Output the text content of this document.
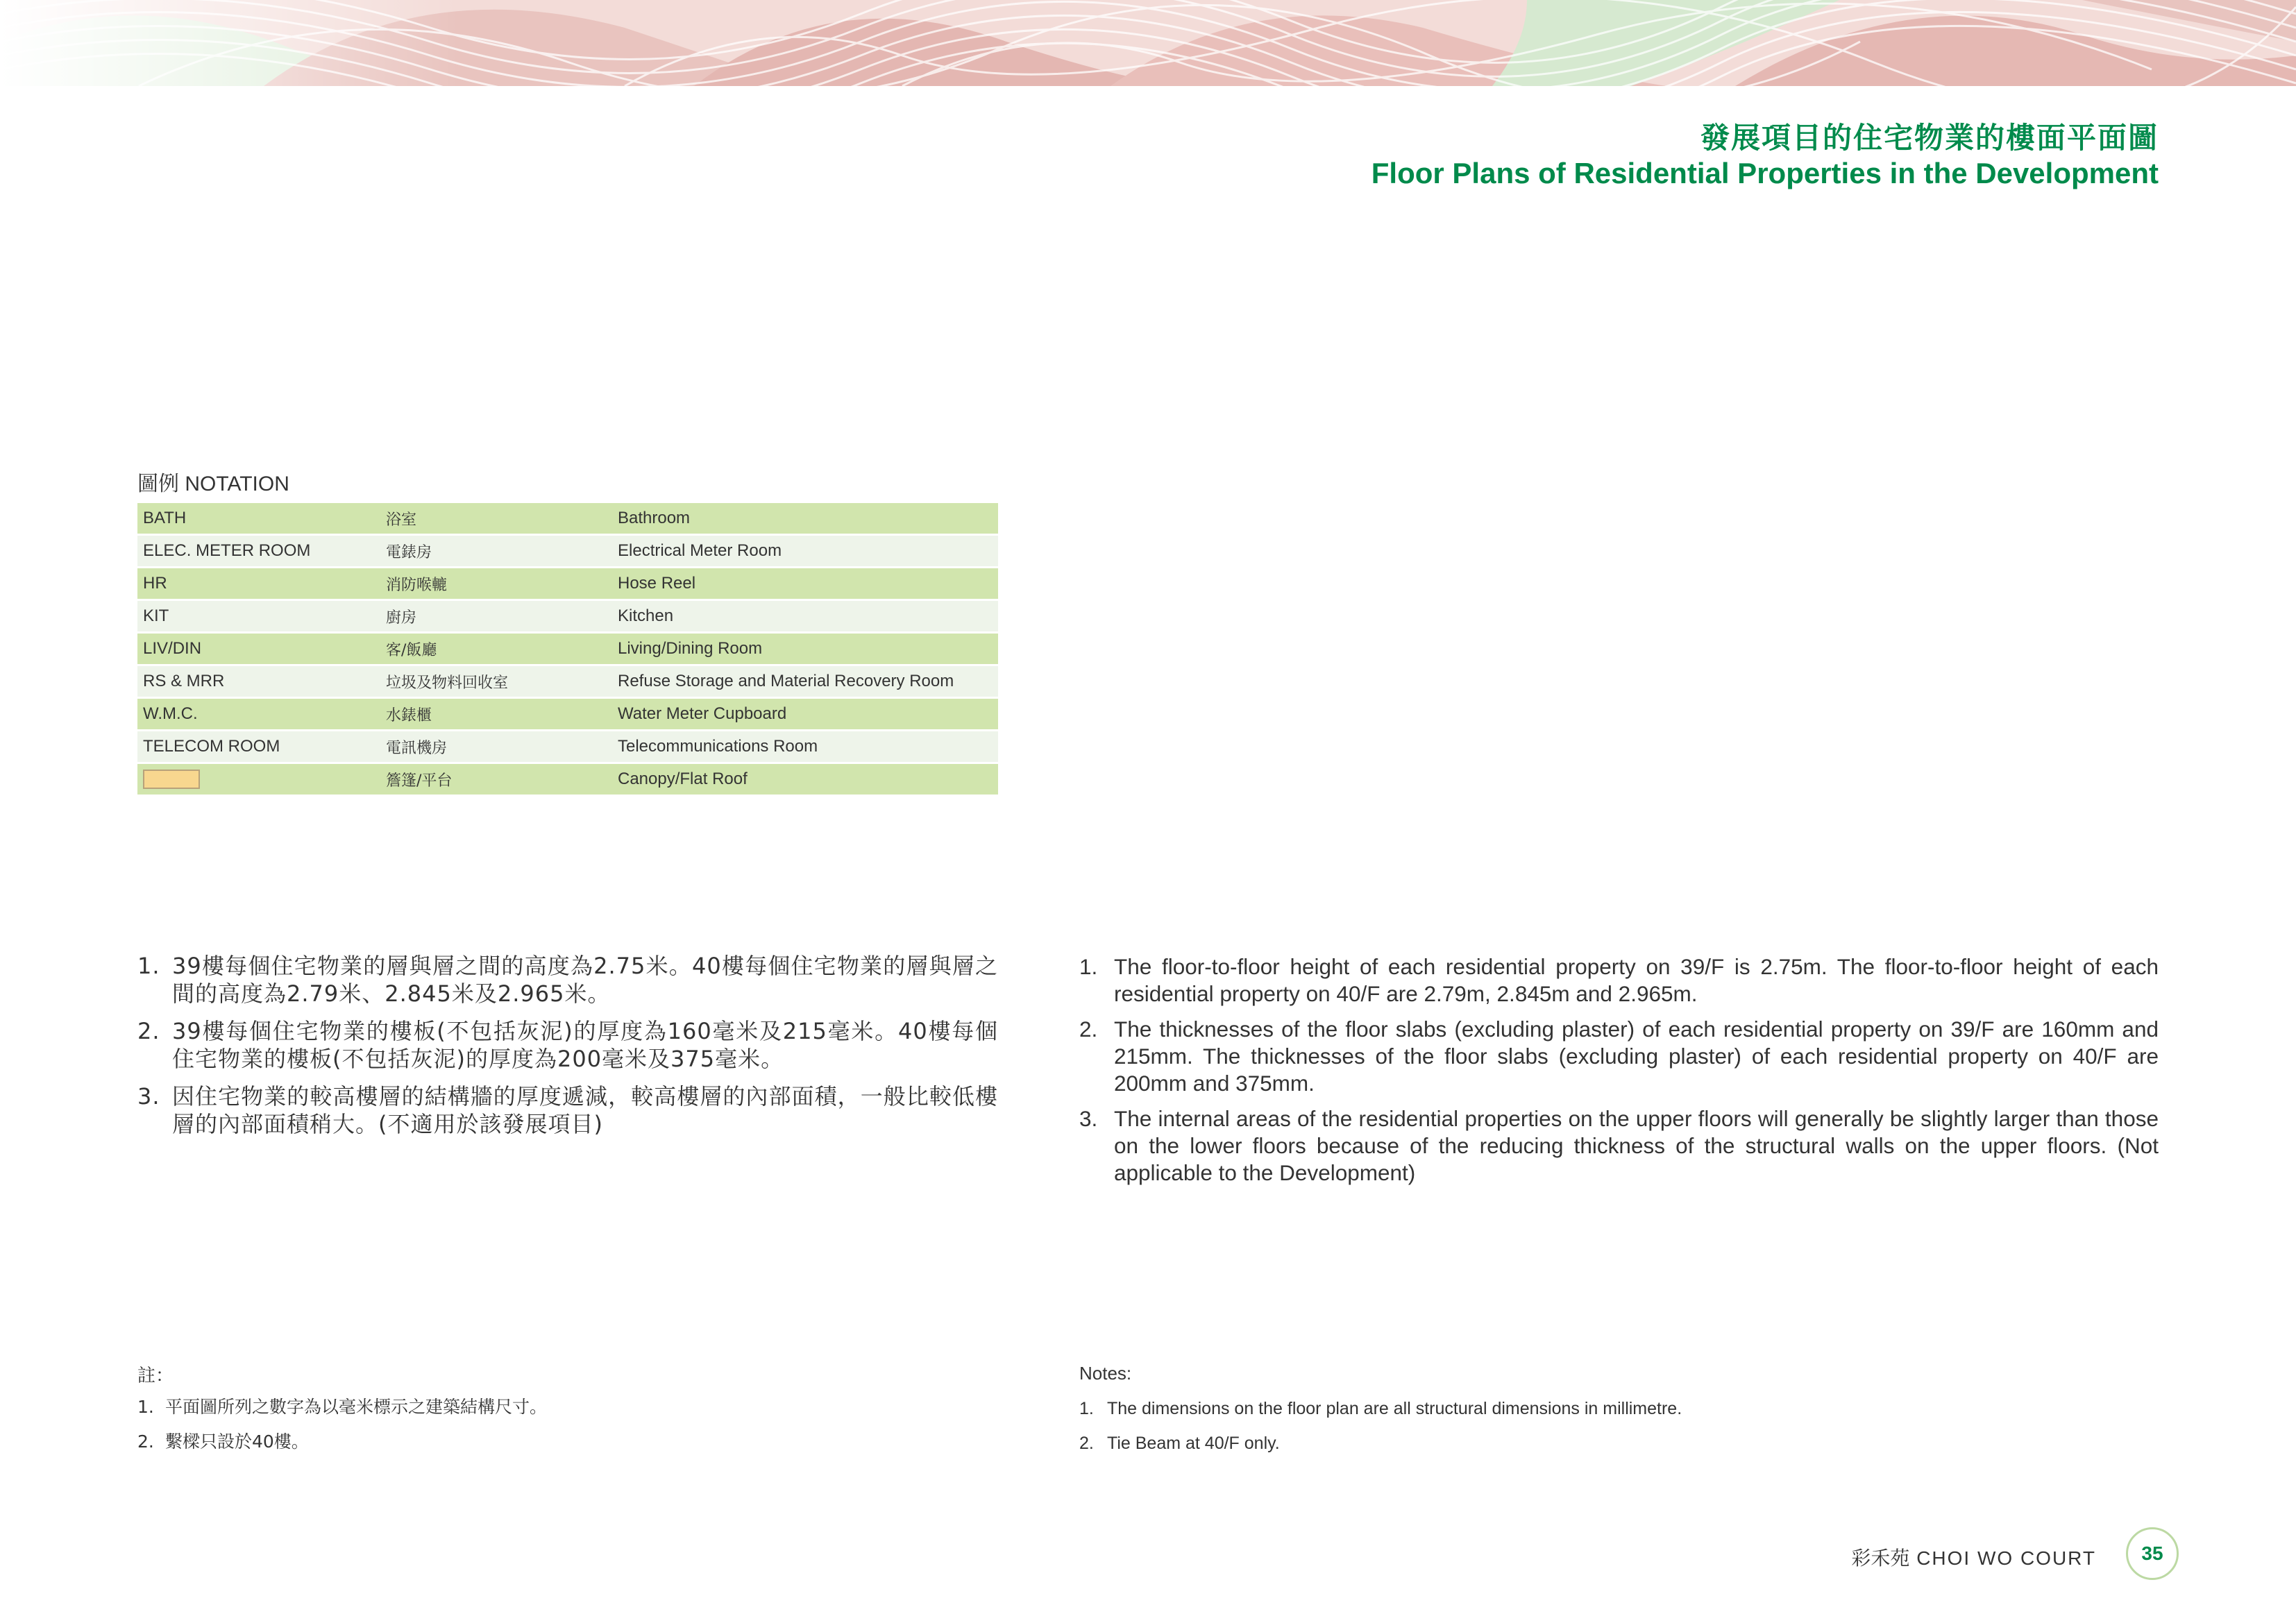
發展項目的住宅物業的樓面平面圖
Floor Plans of Residential Properties in the Development
圖例 NOTATION
BATH	浴室	Bathroom
ELEC. METER ROOM	電錶房	Electrical Meter Room
HR	消防喉轆	Hose Reel
KIT	廚房	Kitchen
LIV/DIN	客/飯廳	Living/Dining Room
RS & MRR	垃圾及物料回收室	Refuse Storage and Material Recovery Room
W.M.C.	水錶櫃	Water Meter Cupboard
TELECOM ROOM	電訊機房	Telecommunications Room
	簷篷/平台	Canopy/Flat Roof
1. 39樓每個住宅物業的層與層之間的高度為2.75米。40樓每個住宅物業的層與層之間的高度為2.79米、2.845米及2.965米。
2. 39樓每個住宅物業的樓板(不包括灰泥)的厚度為160毫米及215毫米。40樓每個住宅物業的樓板(不包括灰泥)的厚度為200毫米及375毫米。
3. 因住宅物業的較高樓層的結構牆的厚度遞減，較高樓層的內部面積，一般比較低樓層的內部面積稍大。(不適用於該發展項目)
1. The floor-to-floor height of each residential property on 39/F is 2.75m. The floor-to-floor height of each residential property on 40/F are 2.79m, 2.845m and 2.965m.
2. The thicknesses of the floor slabs (excluding plaster) of each residential property on 39/F are 160mm and 215mm. The thicknesses of the floor slabs (excluding plaster) of each residential property on 40/F are 200mm and 375mm.
3. The internal areas of the residential properties on the upper floors will generally be slightly larger than those on the lower floors because of the reducing thickness of the structural walls on the upper floors. (Not applicable to the Development)
註：
1. 平面圖所列之數字為以毫米標示之建築結構尺寸。
2. 繫樑只設於40樓。
Notes:
1. The dimensions on the floor plan are all structural dimensions in millimetre.
2. Tie Beam at 40/F only.
彩禾苑 CHOI WO COURT	35
